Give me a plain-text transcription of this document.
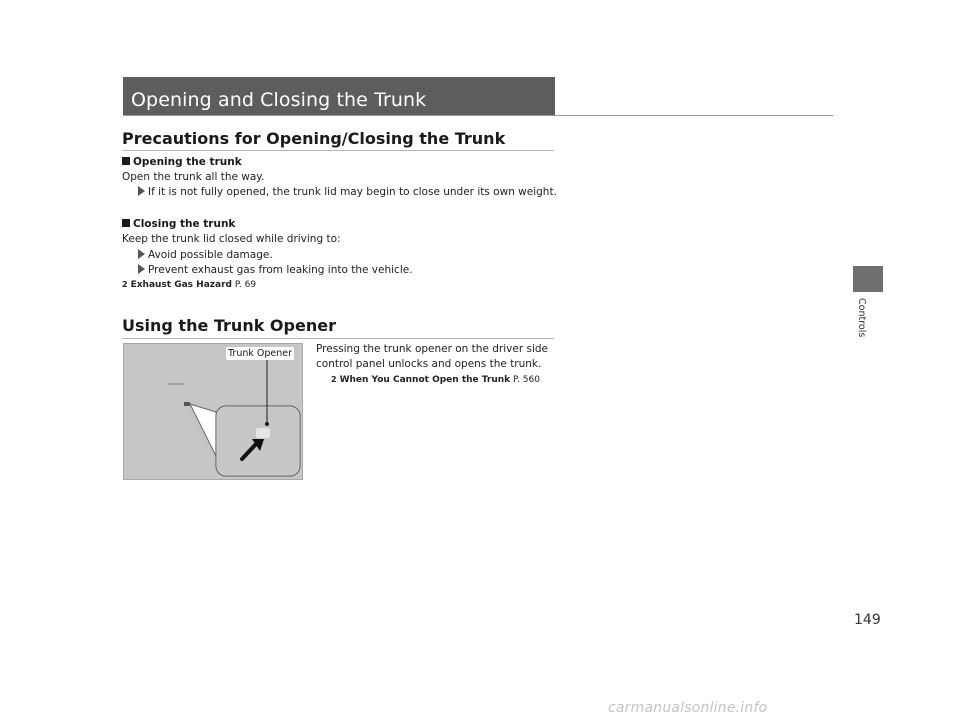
Opening and Closing the Trunk
Controls
Precautions for Opening/Closing the Trunk
Opening the trunk
Open the trunk all the way.
If it is not fully opened, the trunk lid may begin to close under its own weight.
Closing the trunk
Keep the trunk lid closed while driving to:
Avoid possible damage.
Prevent exhaust gas from leaking into the vehicle.
2 Exhaust Gas Hazard P. 69
Using the Trunk Opener
Pressing the trunk opener on the driver side
control panel unlocks and opens the trunk.
2 When You Cannot Open the Trunk P. 560
Trunk Opener
149
carmanualsonline.info
